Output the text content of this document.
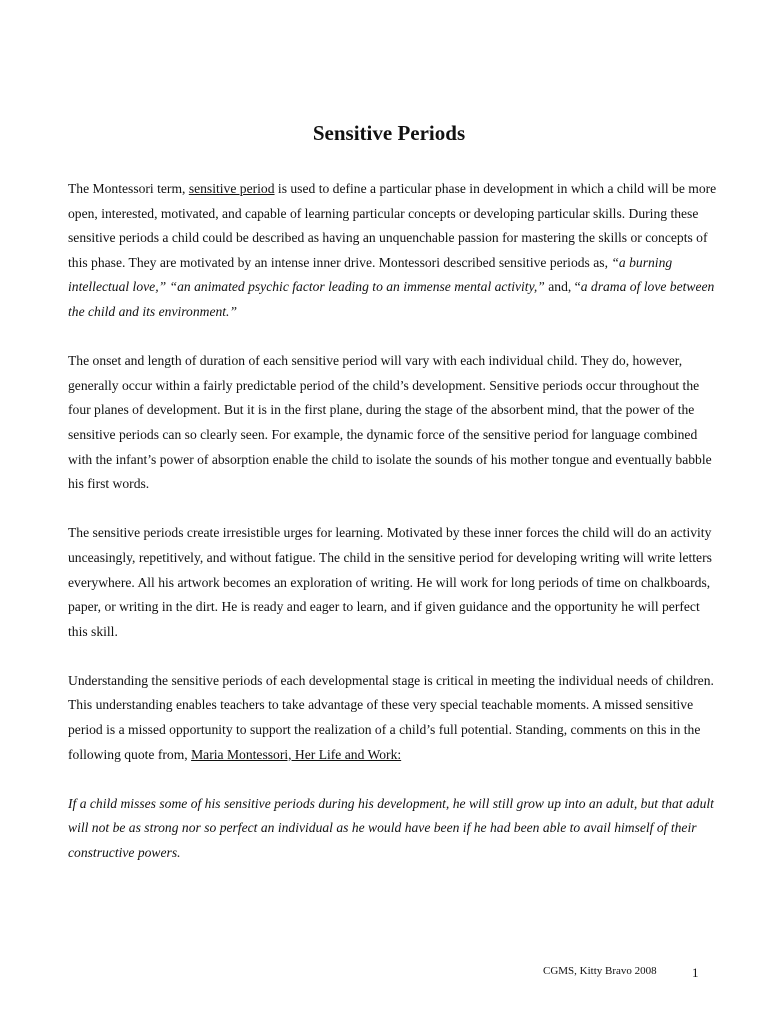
Sensitive Periods

The Montessori term, sensitive period is used to define a particular phase in development in which a child will be more open, interested, motivated, and capable of learning particular concepts or developing particular skills. During these sensitive periods a child could be described as having an unquenchable passion for mastering the skills or concepts of this phase. They are motivated by an intense inner drive. Montessori described sensitive periods as, “a burning intellectual love,” “an animated psychic factor leading to an immense mental activity,” and, “a drama of love between the child and its environment.”

The onset and length of duration of each sensitive period will vary with each individual child. They do, however, generally occur within a fairly predictable period of the child’s development. Sensitive periods occur throughout the four planes of development. But it is in the first plane, during the stage of the absorbent mind, that the power of the sensitive periods can so clearly seen. For example, the dynamic force of the sensitive period for language combined with the infant’s power of absorption enable the child to isolate the sounds of his mother tongue and eventually babble his first words.

The sensitive periods create irresistible urges for learning. Motivated by these inner forces the child will do an activity unceasingly, repetitively, and without fatigue. The child in the sensitive period for developing writing will write letters everywhere. All his artwork becomes an exploration of writing. He will work for long periods of time on chalkboards, paper, or writing in the dirt. He is ready and eager to learn, and if given guidance and the opportunity he will perfect this skill.

Understanding the sensitive periods of each developmental stage is critical in meeting the individual needs of children. This understanding enables teachers to take advantage of these very special teachable moments. A missed sensitive period is a missed opportunity to support the realization of a child’s full potential. Standing, comments on this in the following quote from, Maria Montessori, Her Life and Work:

If a child misses some of his sensitive periods during his development, he will still grow up into an adult, but that adult will not be as strong nor so perfect an individual as he would have been if he had been able to avail himself of their constructive powers.

CGMS, Kitty Bravo 2008	1
